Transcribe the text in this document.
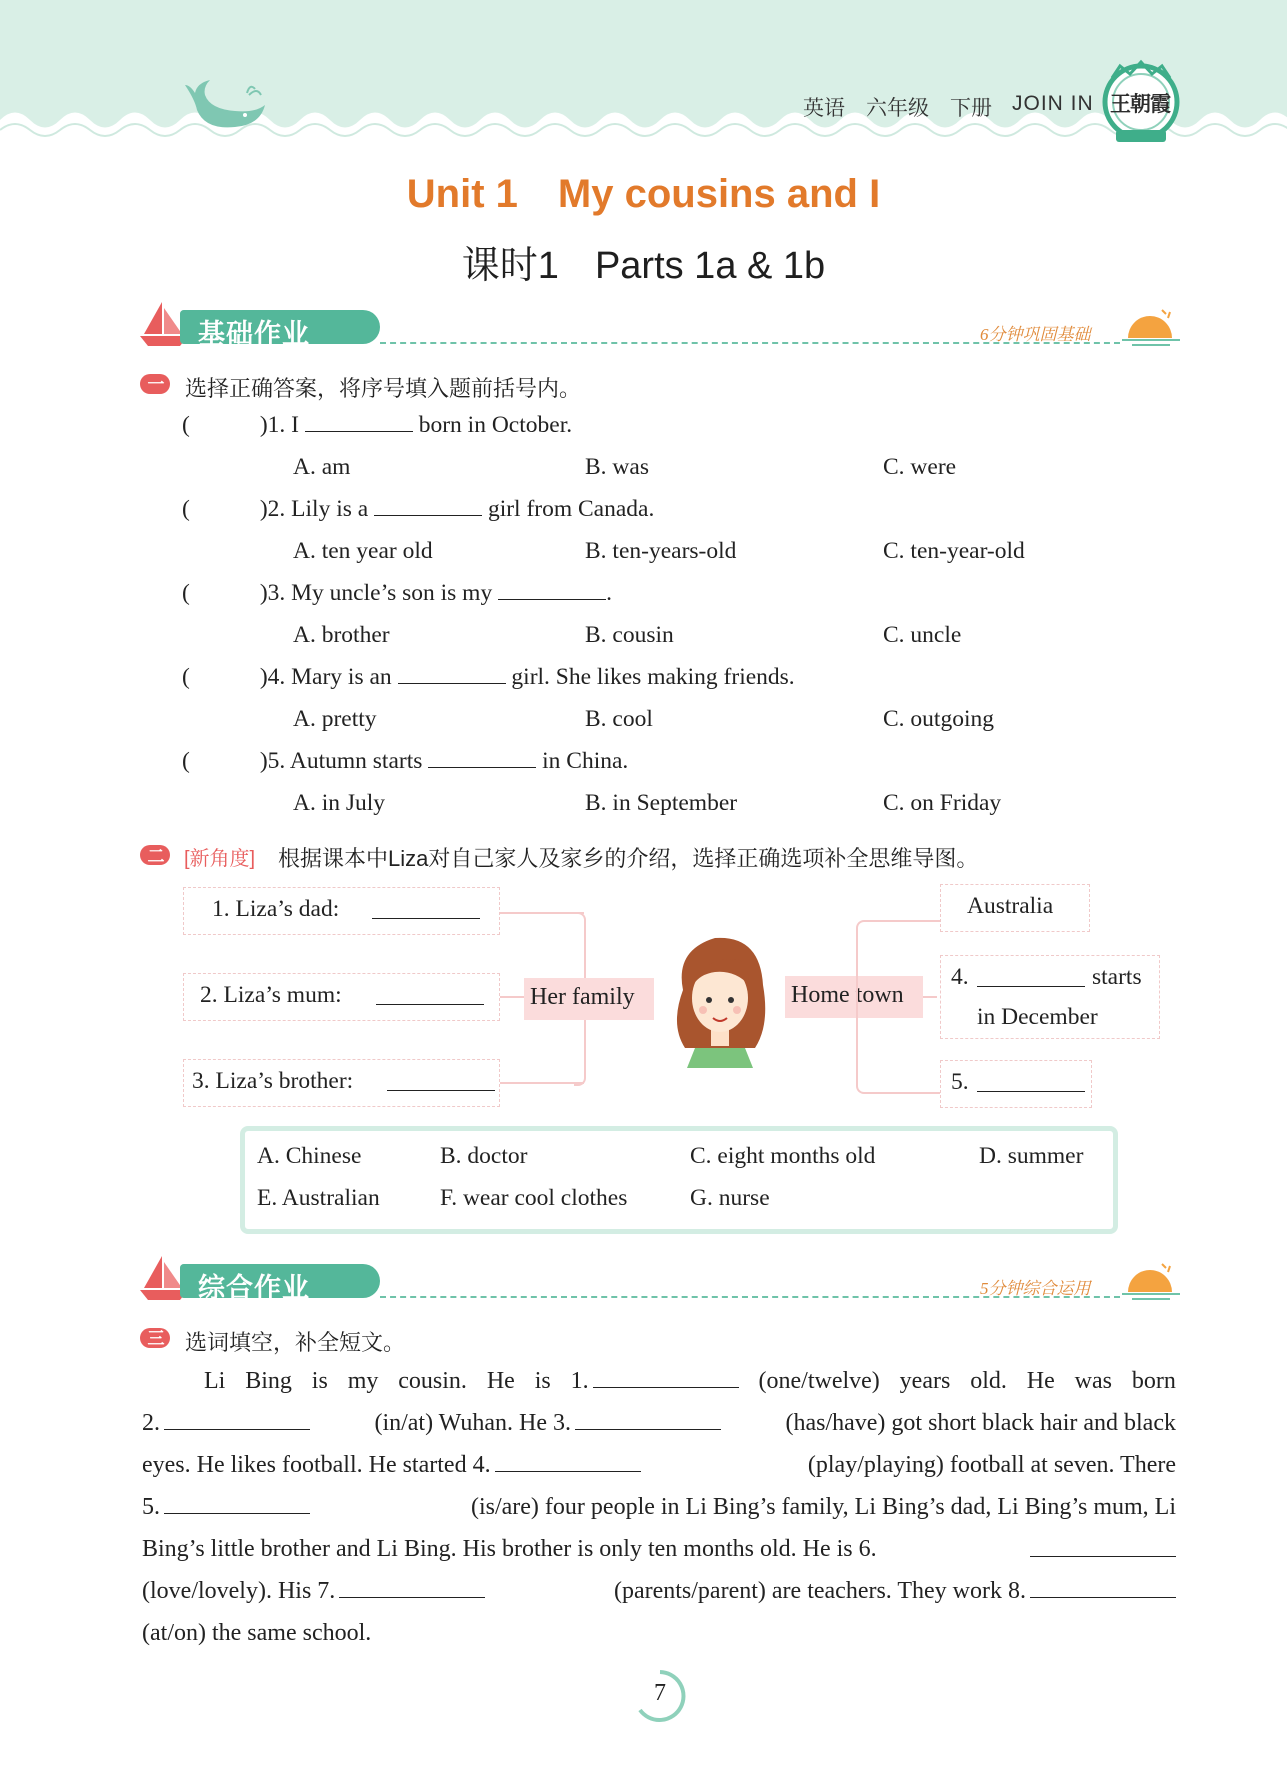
英语 六年级 下册 JOIN IN 王朝霞
Unit 1 My cousins and I
课时1 Parts 1a & 1b
基础作业	6分钟巩固基础
一 选择正确答案，将序号填入题前括号内。
(	)1. I	born in October.
A. am	B. was	C. were
(	)2. Lily is a	girl from Canada.
A. ten year old	B. ten-years-old	C. ten-year-old
(	)3. My uncle’s son is my	.
A. brother	B. cousin	C. uncle
(	)4. Mary is an	girl. She likes making friends.
A. pretty	B. cool	C. outgoing
(	)5. Autumn starts	in China.
A. in July	B. in September	C. on Friday
二 [新角度] 根据课本中Liza对自己家人及家乡的介绍，选择正确选项补全思维导图。
1. Liza’s dad:
2. Liza’s mum:
3. Liza’s brother:
Her family	Home town
Australia
4.	starts
in December
5.
A. Chinese	B. doctor	C. eight months old	D. summer
E. Australian	F. wear cool clothes	G. nurse
综合作业	5分钟综合运用
三 选词填空，补全短文。
Li Bing is my cousin. He is 1.	(one/twelve) years old. He was born
2.	(in/at) Wuhan. He 3.	(has/have) got short black hair and black
eyes. He likes football. He started 4.	(play/playing) football at seven. There
5.	(is/are) four people in Li Bing’s family, Li Bing’s dad, Li Bing’s mum, Li
Bing’s little brother and Li Bing. His brother is only ten months old. He is 6.
(love/lovely). His 7.	(parents/parent) are teachers. They work 8.
(at/on) the same school.
7
